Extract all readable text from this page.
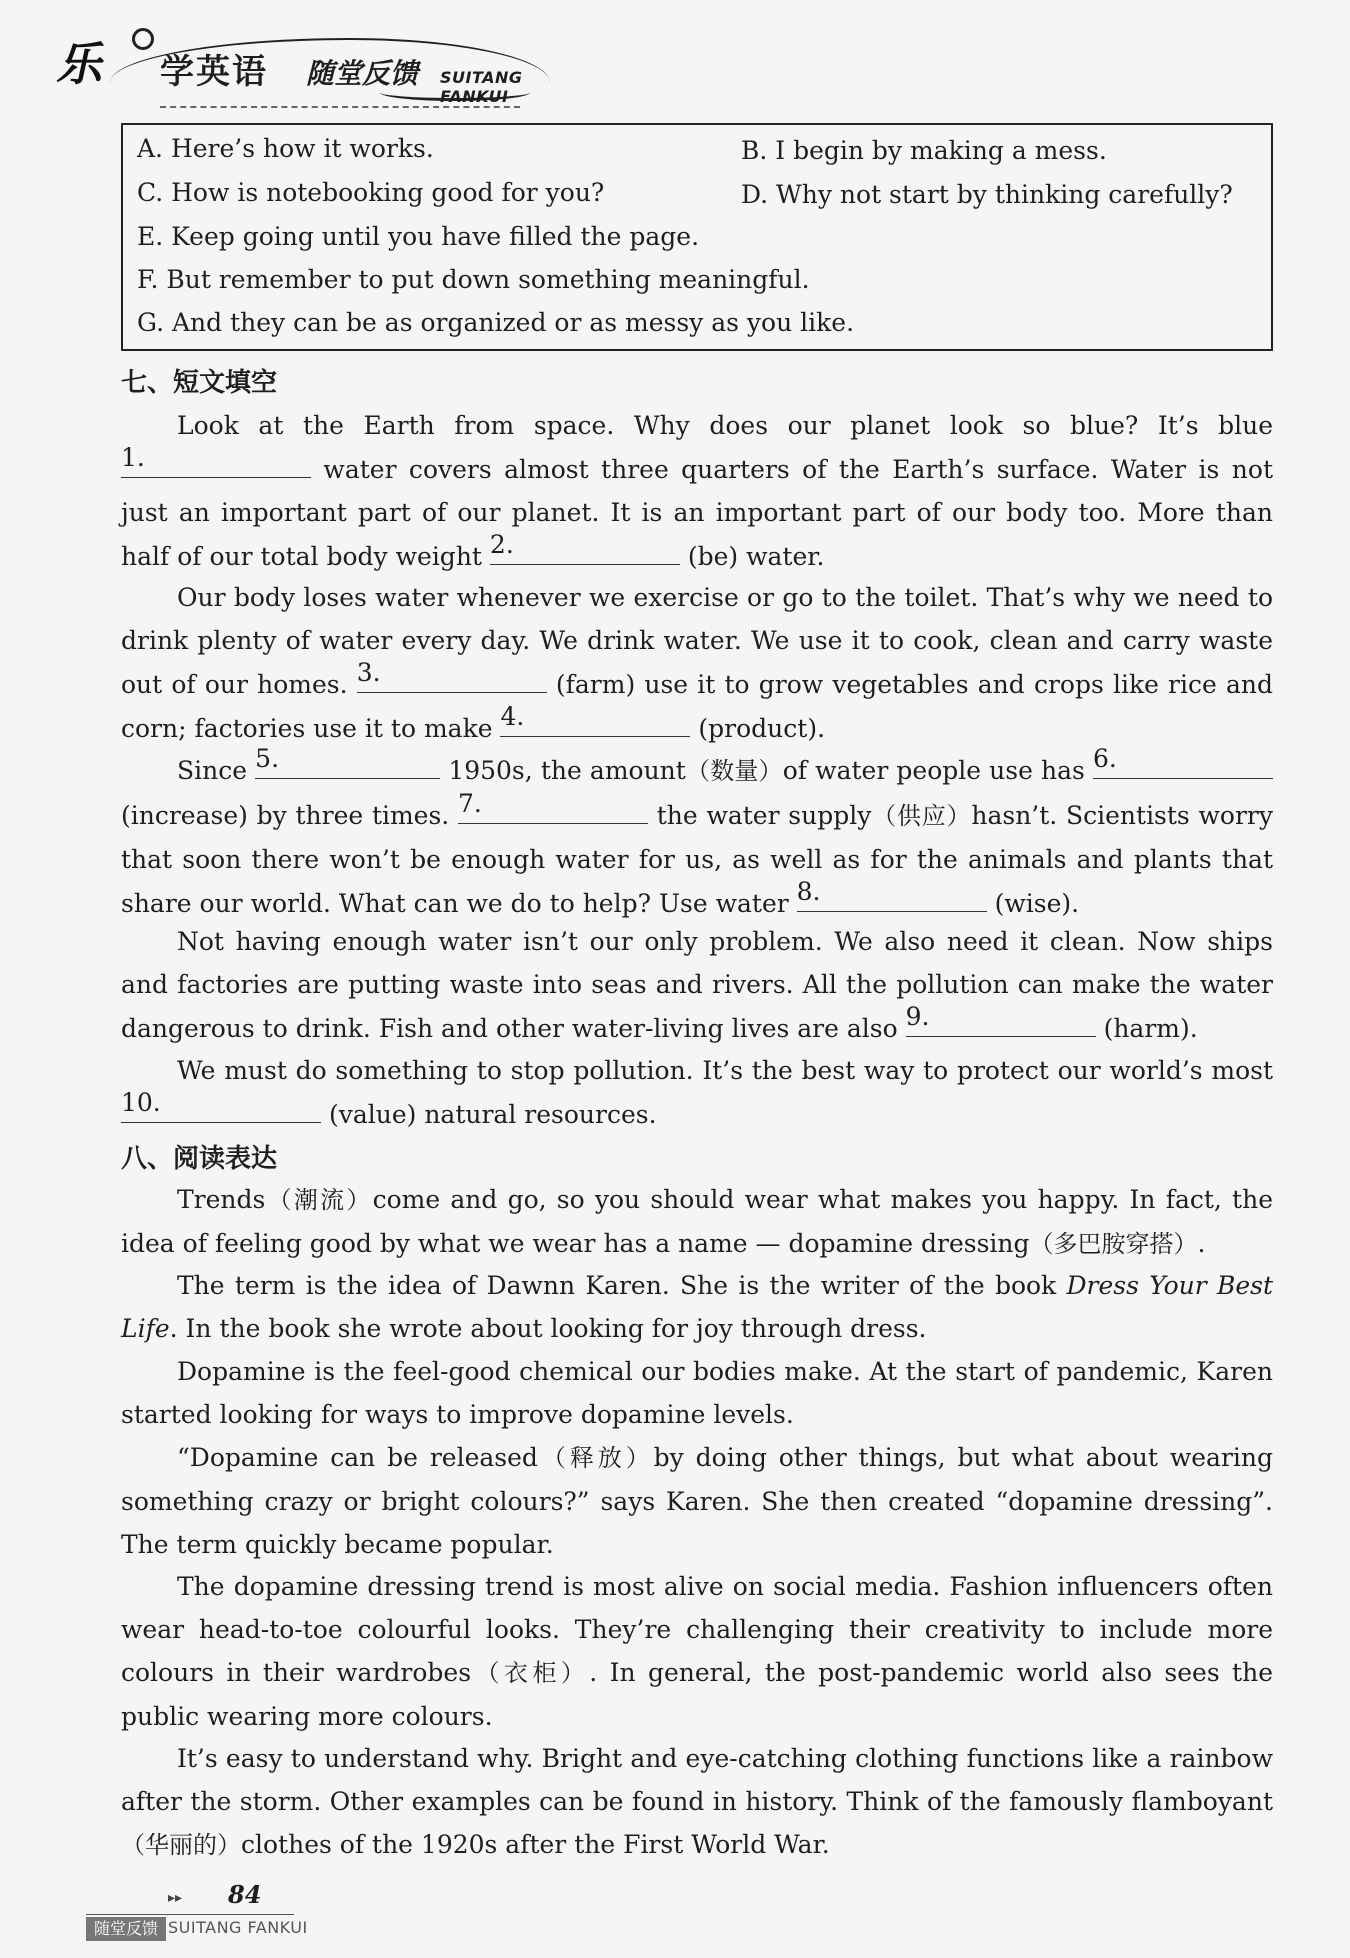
乐 学英语 随堂反馈 SUITANG FANKUI
A. Here’s how it works.	B. I begin by making a mess.
C. How is notebooking good for you?	D. Why not start by thinking carefully?
E. Keep going until you have filled the page.
F. But remember to put down something meaningful.
G. And they can be as organized or as messy as you like.
七、短文填空
Look at the Earth from space. Why does our planet look so blue? It’s blue
1.	water covers almost three quarters of the Earth’s surface. Water is not just an important part of our planet. It is an important part of our body too. More than half of our total body weight 2.	(be) water.
Our body loses water whenever we exercise or go to the toilet. That’s why we need to drink plenty of water every day. We drink water. We use it to cook, clean and carry waste out of our homes. 3.	(farm) use it to grow vegetables and crops like rice and corn; factories use it to make 4.	(product).
Since 5.	1950s, the amount（数量）of water people use has 6.
(increase) by three times. 7.	the water supply（供应）hasn’t. Scientists worry that soon there won’t be enough water for us, as well as for the animals and plants that share our world. What can we do to help? Use water 8.	(wise).
Not having enough water isn’t our only problem. We also need it clean. Now ships and factories are putting waste into seas and rivers. All the pollution can make the water dangerous to drink. Fish and other water-living lives are also 9.	(harm).
We must do something to stop pollution. It’s the best way to protect our world’s most
10.	(value) natural resources.
八、阅读表达
Trends（潮流）come and go, so you should wear what makes you happy. In fact, the idea of feeling good by what we wear has a name — dopamine dressing（多巴胺穿搭）.
The term is the idea of Dawnn Karen. She is the writer of the book Dress Your Best Life. In the book she wrote about looking for joy through dress.
Dopamine is the feel-good chemical our bodies make. At the start of pandemic, Karen started looking for ways to improve dopamine levels.
“Dopamine can be released（释放）by doing other things, but what about wearing something crazy or bright colours?” says Karen. She then created “dopamine dressing”. The term quickly became popular.
The dopamine dressing trend is most alive on social media. Fashion influencers often wear head-to-toe colourful looks. They’re challenging their creativity to include more colours in their wardrobes（衣柜）. In general, the post-pandemic world also sees the public wearing more colours.
It’s easy to understand why. Bright and eye-catching clothing functions like a rainbow after the storm. Other examples can be found in history. Think of the famously flamboyant（华丽的）clothes of the 1920s after the First World War.
▸▸ 84
随堂反馈 SUITANG FANKUI
